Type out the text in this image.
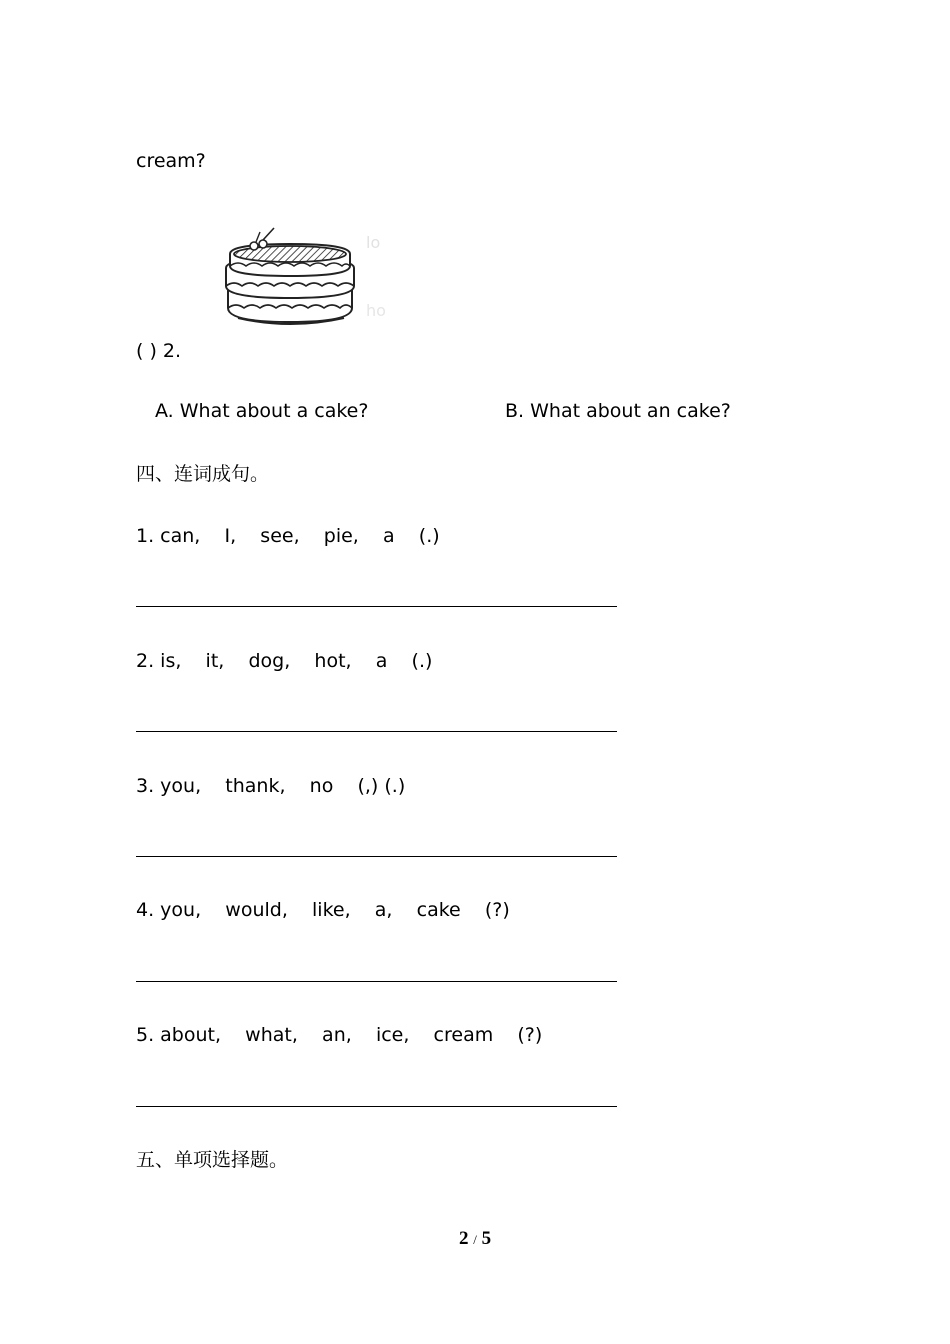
cream?
lo
ho
( ) 2.
A. What about a cake?	B. What about an cake?
四、连词成句。
1. can,    I,    see,    pie,    a    (.)
2. is,    it,    dog,    hot,    a    (.)
3. you,    thank,    no    (,) (.)
4. you,    would,    like,    a,    cake    (?)
5. about,    what,    an,    ice,    cream    (?)
五、单项选择题。
2 / 5
